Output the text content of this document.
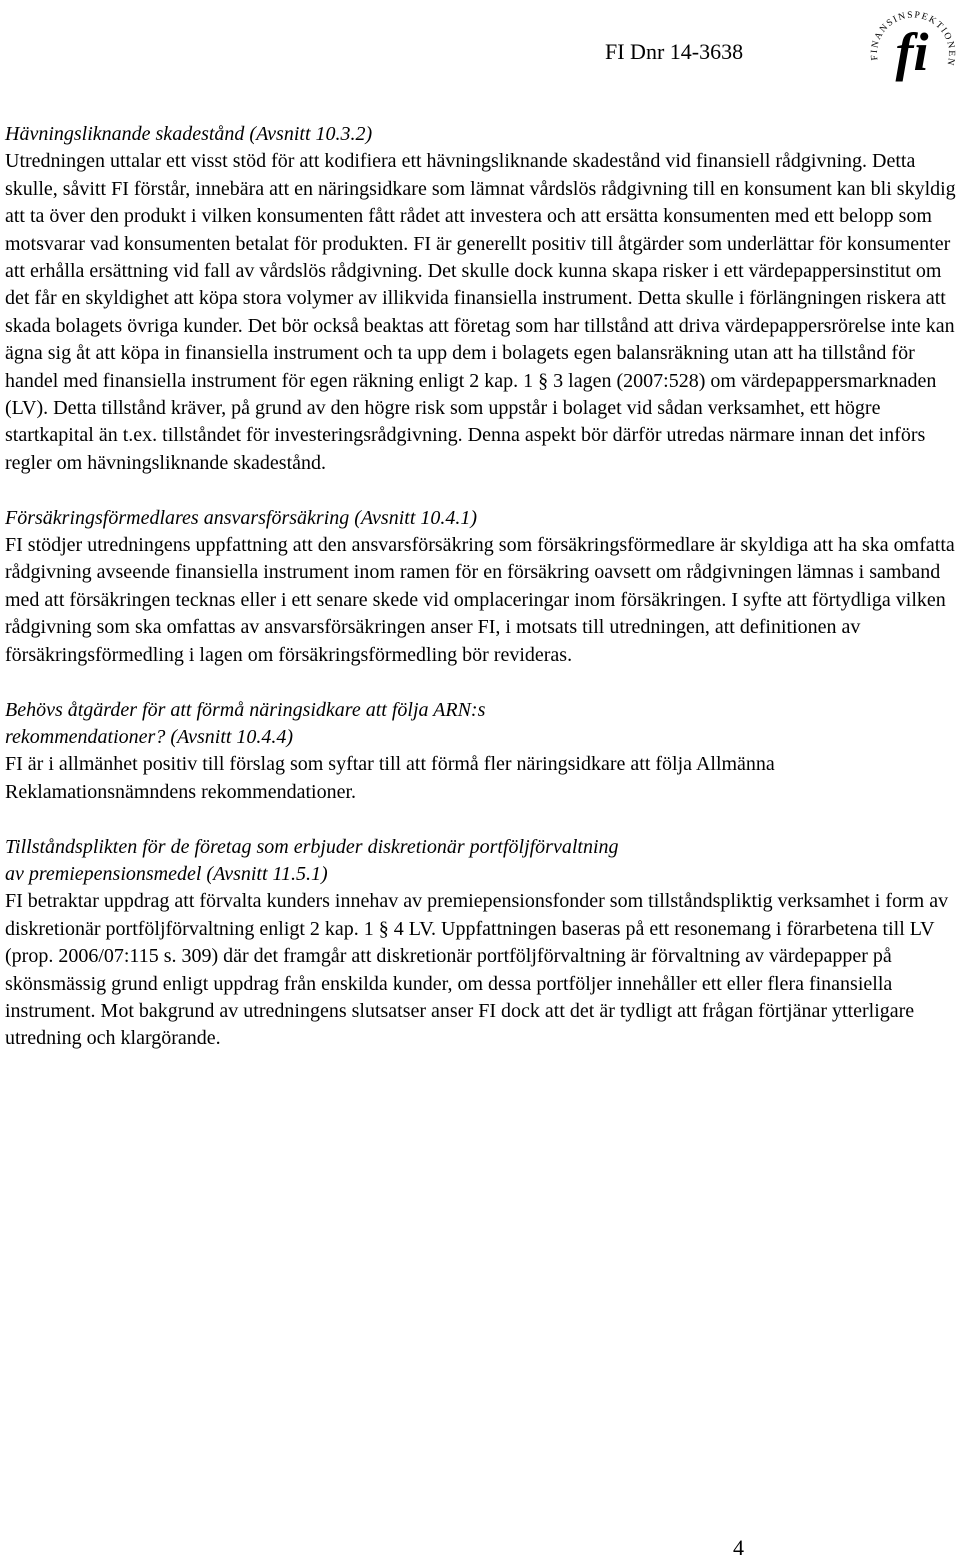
FI Dnr 14-3638	FINANSINSPEKTIONEN
fi

Hävningsliknande skadestånd (Avsnitt 10.3.2)

Utredningen uttalar ett visst stöd för att kodifiera ett hävningsliknande skadestånd vid finansiell rådgivning. Detta skulle, såvitt FI förstår, innebära att en näringsidkare som lämnat vårdslös rådgivning till en konsument kan bli skyldig att ta över den produkt i vilken konsumenten fått rådet att investera och att ersätta konsumenten med ett belopp som motsvarar vad konsumenten betalat för produkten. FI är generellt positiv till åtgärder som underlättar för konsumenter att erhålla ersättning vid fall av vårdslös rådgivning. Det skulle dock kunna skapa risker i ett värdepappersinstitut om det får en skyldighet att köpa stora volymer av illikvida finansiella instrument. Detta skulle i förlängningen riskera att skada bolagets övriga kunder. Det bör också beaktas att företag som har tillstånd att driva värdepappersrörelse inte kan ägna sig åt att köpa in finansiella instrument och ta upp dem i bolagets egen balansräkning utan att ha tillstånd för handel med finansiella instrument för egen räkning enligt 2 kap. 1 § 3 lagen (2007:528) om värdepappersmarknaden (LV). Detta tillstånd kräver, på grund av den högre risk som uppstår i bolaget vid sådan verksamhet, ett högre startkapital än t.ex. tillståndet för investeringsrådgivning. Denna aspekt bör därför utredas närmare innan det införs regler om hävningsliknande skadestånd.

Försäkringsförmedlares ansvarsförsäkring (Avsnitt 10.4.1)

FI stödjer utredningens uppfattning att den ansvarsförsäkring som försäkringsförmedlare är skyldiga att ha ska omfatta rådgivning avseende finansiella instrument inom ramen för en försäkring oavsett om rådgivningen lämnas i samband med att försäkringen tecknas eller i ett senare skede vid omplaceringar inom försäkringen. I syfte att förtydliga vilken rådgivning som ska omfattas av ansvarsförsäkringen anser FI, i motsats till utredningen, att definitionen av försäkringsförmedling i lagen om försäkringsförmedling bör revideras.

Behövs åtgärder för att förmå näringsidkare att följa ARN:s
rekommendationer? (Avsnitt 10.4.4)

FI är i allmänhet positiv till förslag som syftar till att förmå fler näringsidkare att följa Allmänna Reklamationsnämndens rekommendationer.

Tillståndsplikten för de företag som erbjuder diskretionär portföljförvaltning
av premiepensionsmedel (Avsnitt 11.5.1)

FI betraktar uppdrag att förvalta kunders innehav av premiepensionsfonder som tillståndspliktig verksamhet i form av diskretionär portföljförvaltning enligt 2 kap. 1 § 4 LV. Uppfattningen baseras på ett resonemang i förarbetena till LV (prop. 2006/07:115 s. 309) där det framgår att diskretionär portföljförvaltning är förvaltning av värdepapper på skönsmässig grund enligt uppdrag från enskilda kunder, om dessa portföljer innehåller ett eller flera finansiella instrument. Mot bakgrund av utredningens slutsatser anser FI dock att det är tydligt att frågan förtjänar ytterligare utredning och klargörande.

4
